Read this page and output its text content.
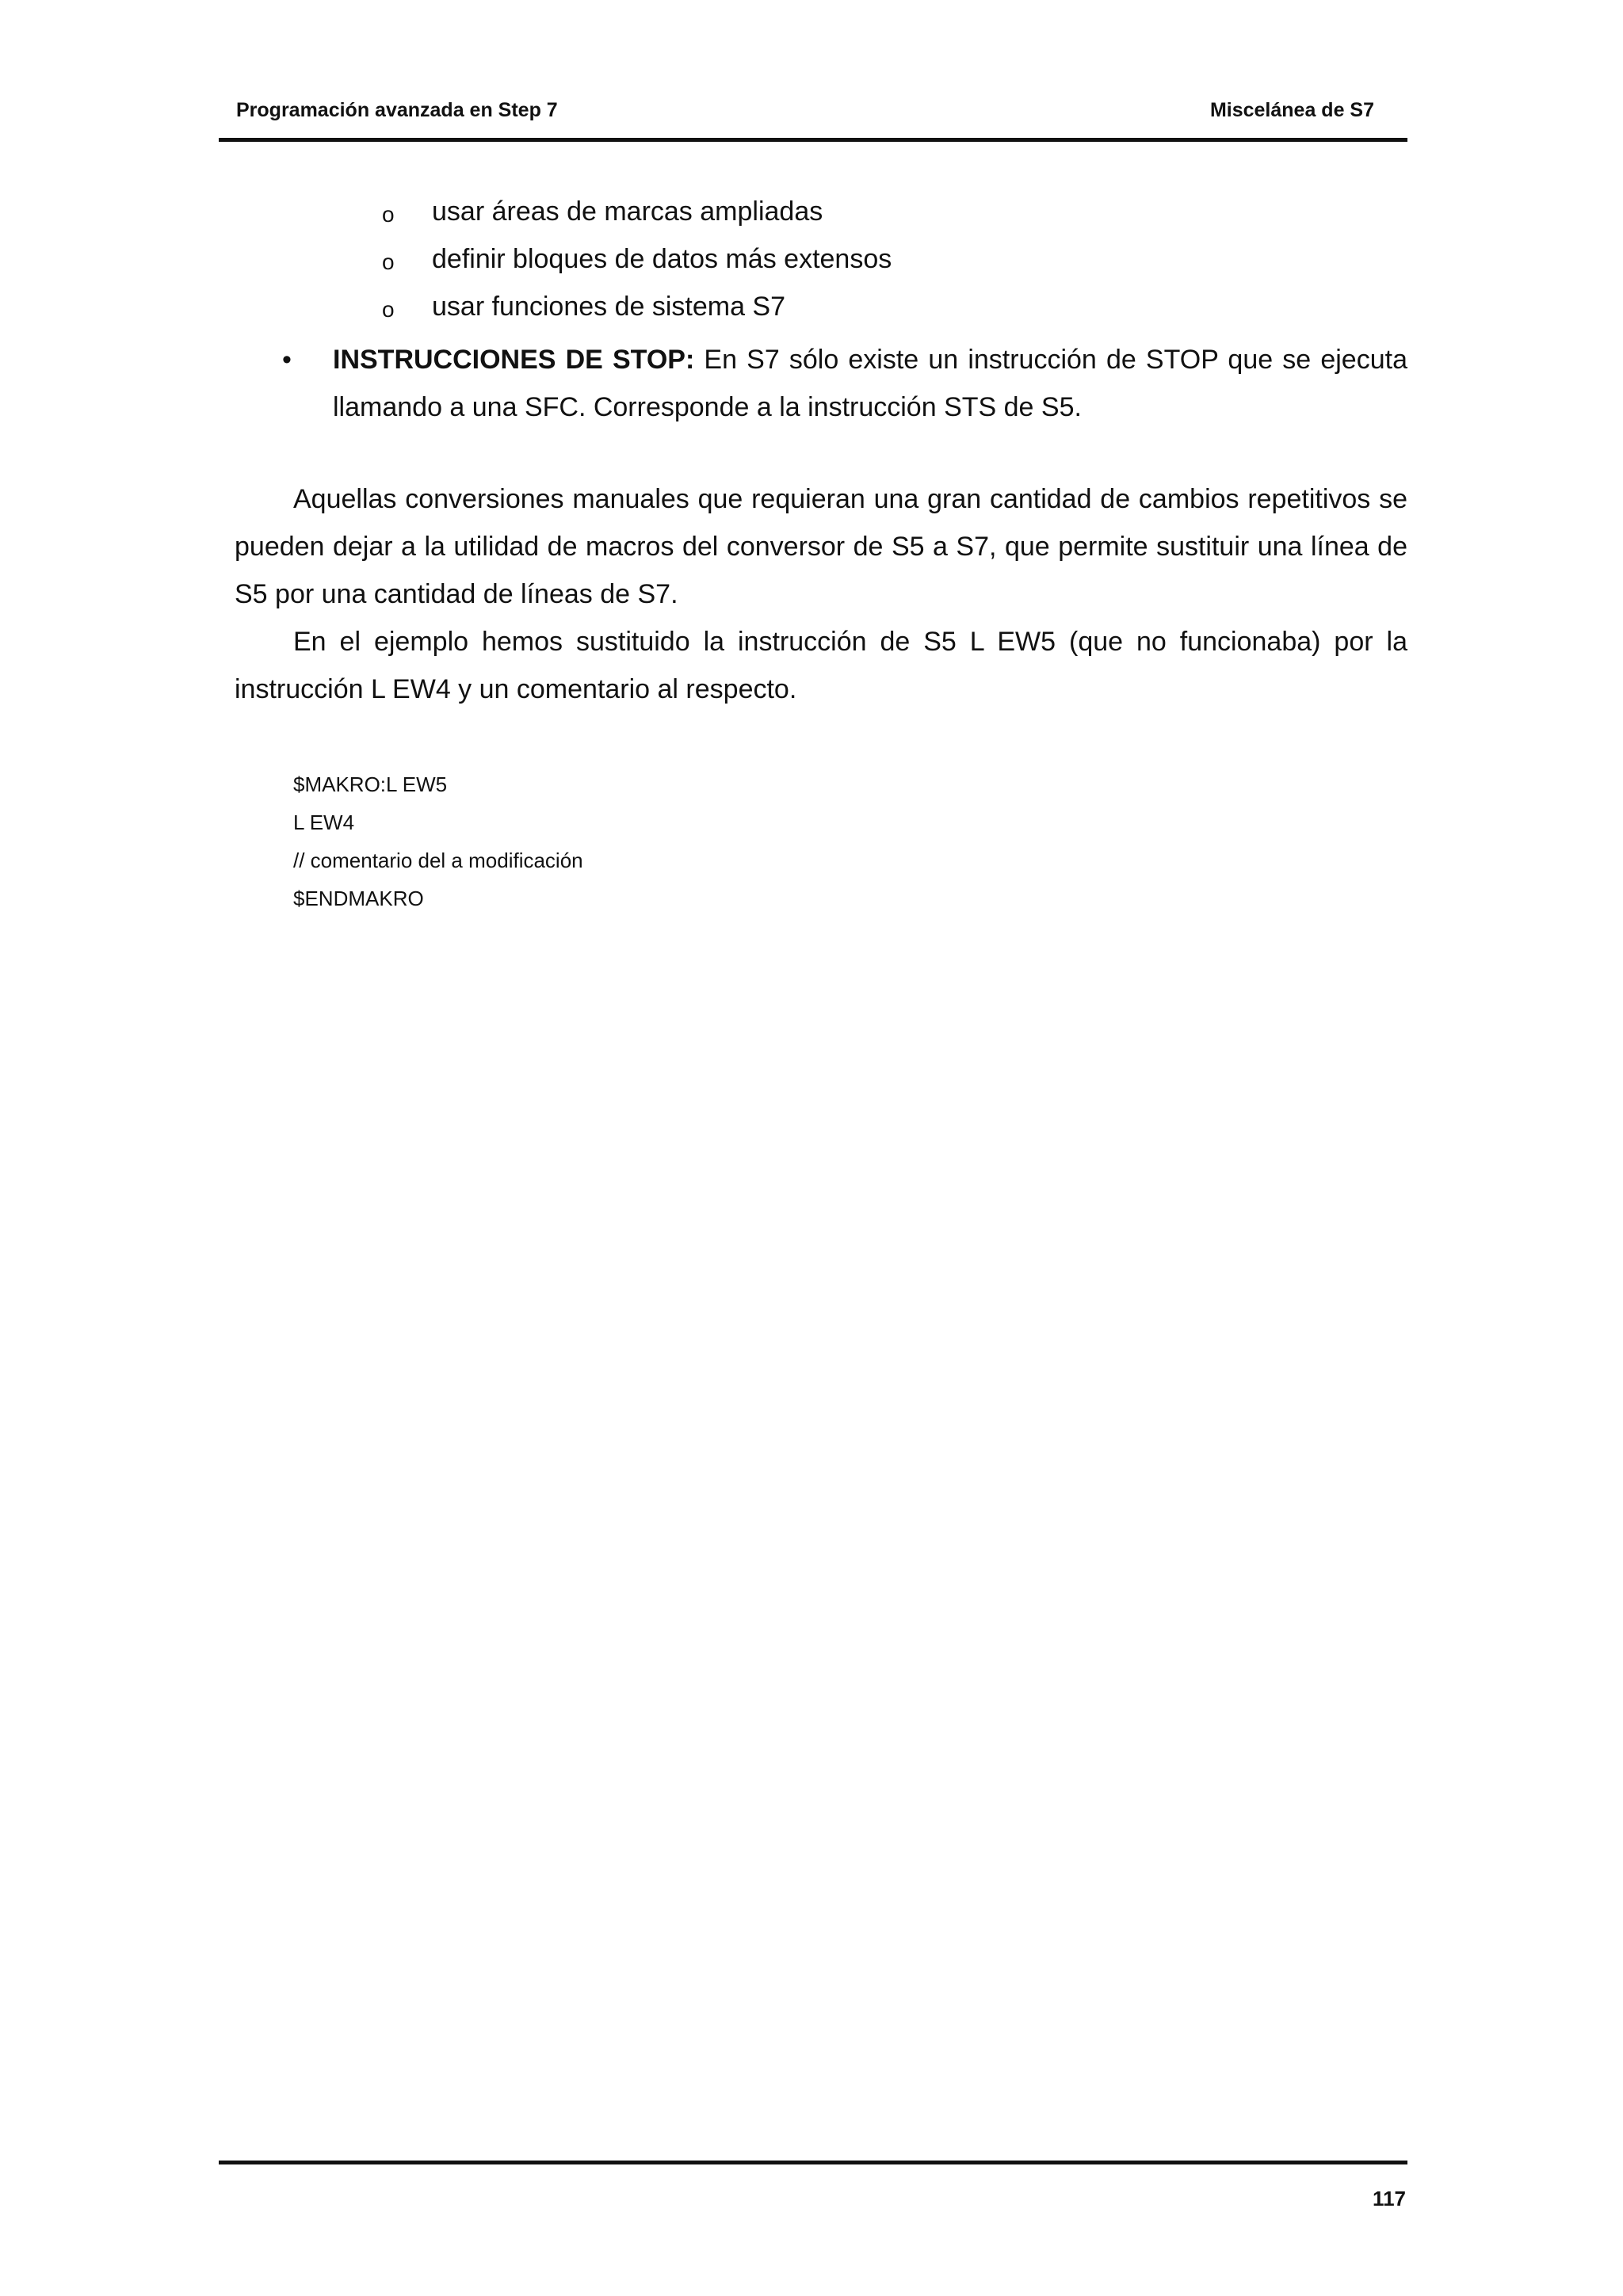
Programación avanzada en Step 7	Miscelánea de S7
o usar áreas de marcas ampliadas
o definir bloques de datos más extensos
o usar funciones de sistema S7
• INSTRUCCIONES DE STOP: En S7 sólo existe un instrucción de STOP que se ejecuta llamando a una SFC. Corresponde a la instrucción STS de S5.
Aquellas conversiones manuales que requieran una gran cantidad de cambios repetitivos se pueden dejar a la utilidad de macros del conversor de S5 a S7, que permite sustituir una línea de S5 por una cantidad de líneas de S7.
En el ejemplo hemos sustituido la instrucción de S5 L EW5 (que no funcionaba) por la instrucción L EW4 y un comentario al respecto.
$MAKRO:L EW5
L EW4
// comentario del a modificación
$ENDMAKRO
117
